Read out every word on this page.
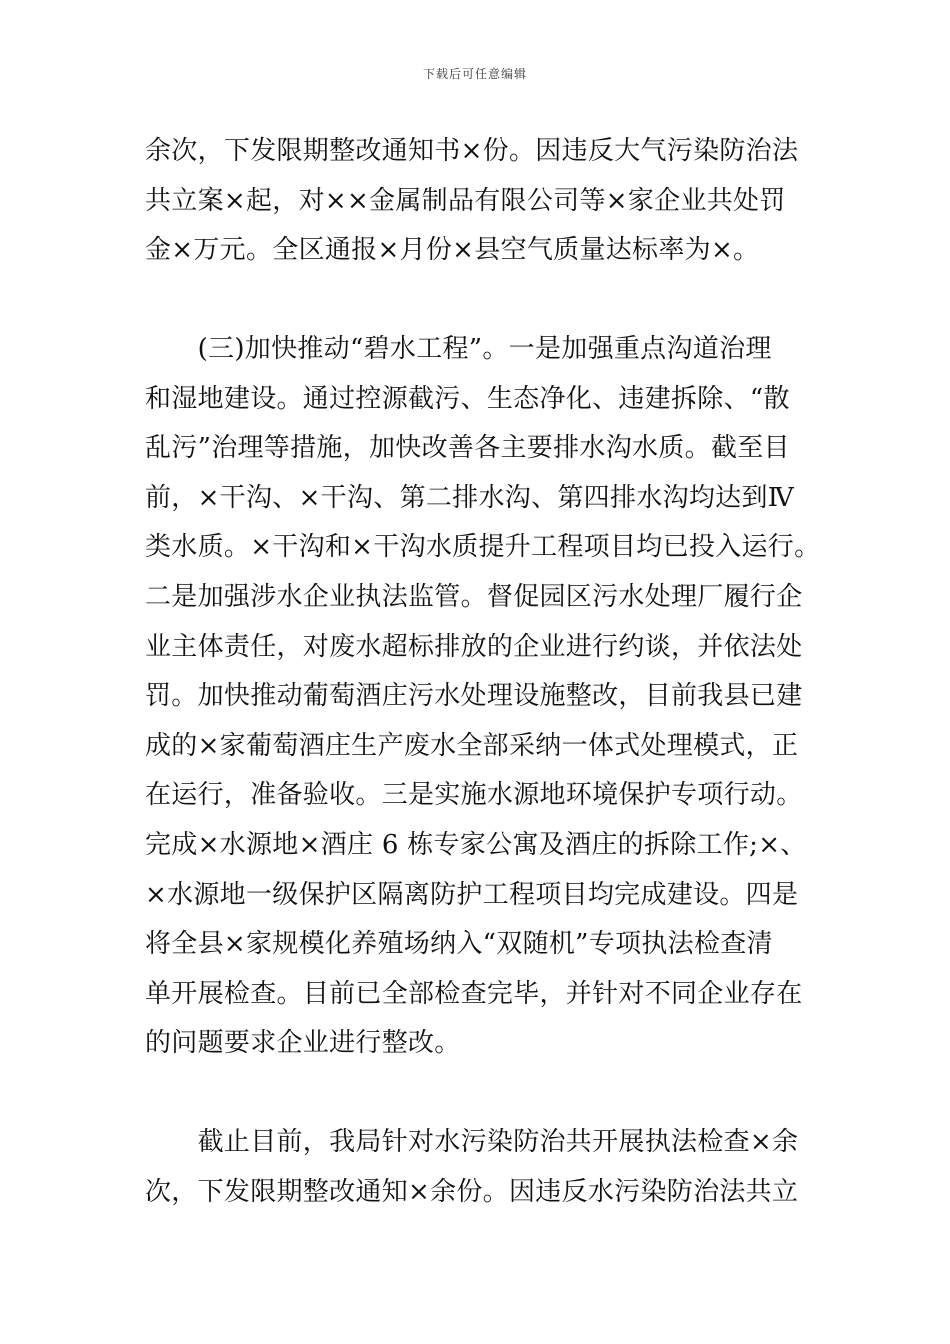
下载后可任意编辑
余次，下发限期整改通知书×份。因违反大气污染防治法
共立案×起，对××金属制品有限公司等×家企业共处罚
金×万元。全区通报×月份×县空气质量达标率为×。
　　(三)加快推动“碧水工程”。一是加强重点沟道治理
和湿地建设。通过控源截污、生态净化、违建拆除、“散
乱污”治理等措施，加快改善各主要排水沟水质。截至目
前，×干沟、×干沟、第二排水沟、第四排水沟均达到Ⅳ
类水质。×干沟和×干沟水质提升工程项目均已投入运行。
二是加强涉水企业执法监管。督促园区污水处理厂履行企
业主体责任，对废水超标排放的企业进行约谈，并依法处
罚。加快推动葡萄酒庄污水处理设施整改，目前我县已建
成的×家葡萄酒庄生产废水全部采纳一体式处理模式，正
在运行，准备验收。三是实施水源地环境保护专项行动。
完成×水源地×酒庄 6 栋专家公寓及酒庄的拆除工作;×、
×水源地一级保护区隔离防护工程项目均完成建设。四是
将全县×家规模化养殖场纳入“双随机”专项执法检查清
单开展检查。目前已全部检查完毕，并针对不同企业存在
的问题要求企业进行整改。
　　截止目前，我局针对水污染防治共开展执法检查×余
次，下发限期整改通知×余份。因违反水污染防治法共立
